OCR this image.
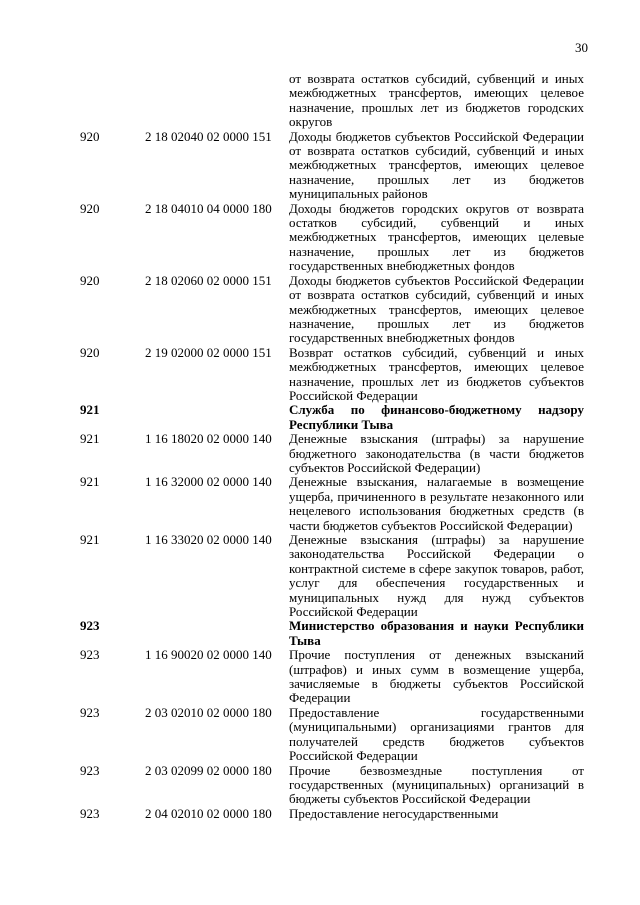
30
от возврата остатков субсидий, субвенций и иных межбюджетных трансфертов, имеющих целевое назначение, прошлых лет из бюджетов городских округов
920	2 18 02040 02 0000 151 Доходы бюджетов субъектов Российской Федерации от возврата остатков субсидий, субвенций и иных межбюджетных трансфертов, имеющих целевое назначение, прошлых лет из бюджетов муниципальных районов
920	2 18 04010 04 0000 180 Доходы бюджетов городских округов от возврата остатков субсидий, субвенций и иных межбюджетных трансфертов, имеющих целевые назначение, прошлых лет из бюджетов государственных внебюджетных фондов
920	2 18 02060 02 0000 151 Доходы бюджетов субъектов Российской Федерации от возврата остатков субсидий, субвенций и иных межбюджетных трансфертов, имеющих целевое назначение, прошлых лет из бюджетов государственных внебюджетных фондов
920	2 19 02000 02 0000 151 Возврат остатков субсидий, субвенций и иных межбюджетных трансфертов, имеющих целевое назначение, прошлых лет из бюджетов субъектов Российской Федерации
921	Служба по финансово-бюджетному надзору Республики Тыва
921	1 16 18020 02 0000 140 Денежные взыскания (штрафы) за нарушение бюджетного законодательства (в части бюджетов субъектов Российской Федерации)
921	1 16 32000 02 0000 140 Денежные взыскания, налагаемые в возмещение ущерба, причиненного в результате незаконного или нецелевого использования бюджетных средств (в части бюджетов субъектов Российской Федерации)
921	1 16 33020 02 0000 140 Денежные взыскания (штрафы) за нарушение законодательства Российской Федерации о контрактной системе в сфере закупок товаров, работ, услуг для обеспечения государственных и муниципальных нужд для нужд субъектов Российской Федерации
923	Министерство образования и науки Республики Тыва
923	1 16 90020 02 0000 140 Прочие поступления от денежных взысканий (штрафов) и иных сумм в возмещение ущерба, зачисляемые в бюджеты субъектов Российской Федерации
923	2 03 02010 02 0000 180 Предоставление государственными (муниципальными) организациями грантов для получателей средств бюджетов субъектов Российской Федерации
923	2 03 02099 02 0000 180 Прочие безвозмездные поступления от государственных (муниципальных) организаций в бюджеты субъектов Российской Федерации
923	2 04 02010 02 0000 180 Предоставление негосударственными
